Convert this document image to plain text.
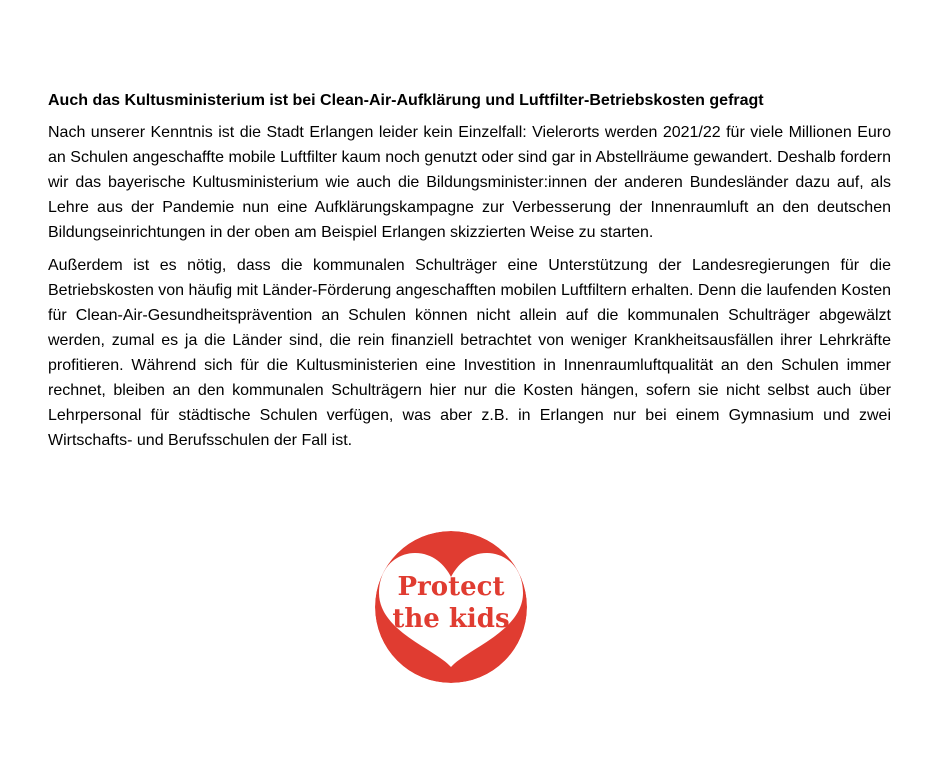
Auch das Kultusministerium ist bei Clean-Air-Aufklärung und Luftfilter-Betriebskosten gefragt

Nach unserer Kenntnis ist die Stadt Erlangen leider kein Einzelfall: Vielerorts werden 2021/22 für viele Millionen Euro an Schulen angeschaffte mobile Luftfilter kaum noch genutzt oder sind gar in Abstellräume gewandert. Deshalb fordern wir das bayerische Kultusministerium wie auch die Bildungsminister:innen der anderen Bundesländer dazu auf, als Lehre aus der Pandemie nun eine Aufklärungskampagne zur Verbesserung der Innenraumluft an den deutschen Bildungseinrichtungen in der oben am Beispiel Erlangen skizzierten Weise zu starten.

Außerdem ist es nötig, dass die kommunalen Schulträger eine Unterstützung der Landesregierungen für die Betriebskosten von häufig mit Länder-Förderung angeschafften mobilen Luftfiltern erhalten. Denn die laufenden Kosten für Clean-Air-Gesundheitsprävention an Schulen können nicht allein auf die kommunalen Schulträger abgewälzt werden, zumal es ja die Länder sind, die rein finanziell betrachtet von weniger Krankheitsausfällen ihrer Lehrkräfte profitieren. Während sich für die Kultusministerien eine Investition in Innenraumluftqualität an den Schulen immer rechnet, bleiben an den kommunalen Schulträgern hier nur die Kosten hängen, sofern sie nicht selbst auch über Lehrpersonal für städtische Schulen verfügen, was aber z.B. in Erlangen nur bei einem Gymnasium und zwei Wirtschafts- und Berufsschulen der Fall ist.

Protect
the kids
